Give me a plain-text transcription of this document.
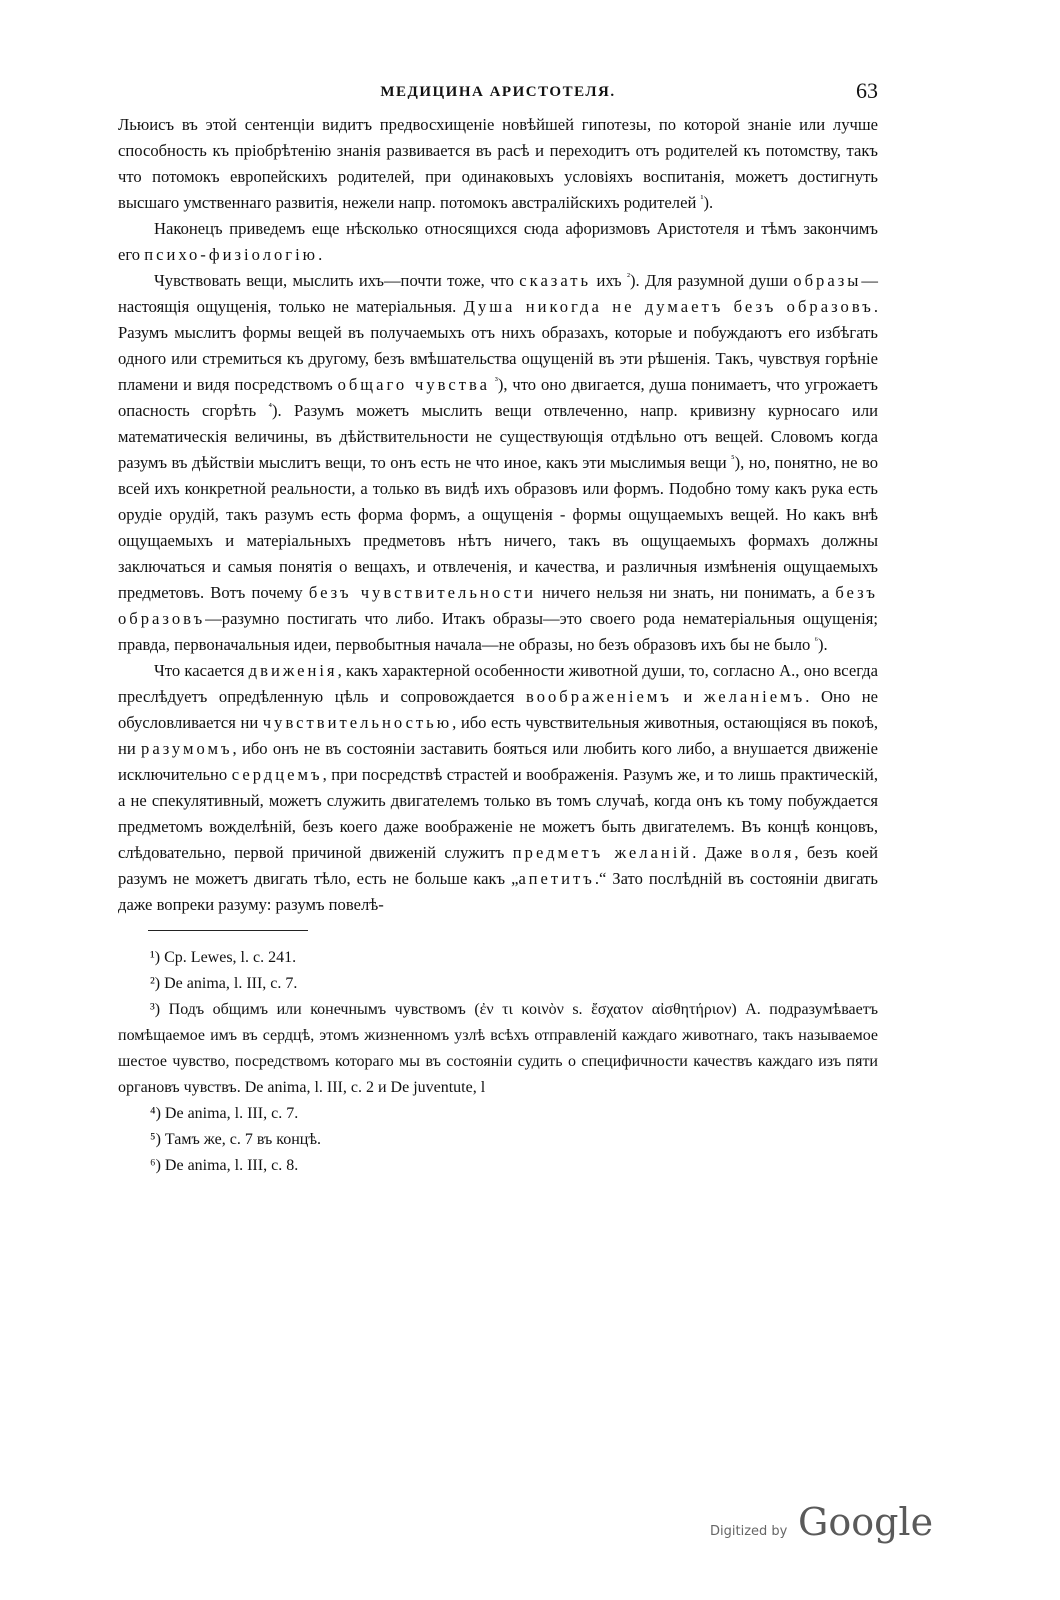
МЕДИЦИНА АРИСТОТЕЛЯ.	63

Льюисъ въ этой сентенціи видитъ предвосхищеніе новѣйшей гипотезы, по которой знаніе или лучше способность къ пріобрѣтенію знанія развивается въ расѣ и переходитъ отъ родителей къ потомству, такъ что потомокъ европейскихъ родителей, при одинаковыхъ условіяхъ воспитанія, можетъ достигнуть высшаго умственнаго развитія, нежели напр. потомокъ австралійскихъ родителей $^{^1}$).

Наконецъ приведемъ еще нѣсколько относящихся сюда афоризмовъ Аристотеля и тѣмъ закончимъ его психо-физіологію.

Чувствовать вещи, мыслить ихъ—почти тоже, что сказать ихъ $^{^2}$). Для разумной души образы—настоящія ощущенія, только не матеріальныя. Душа никогда не думаетъ безъ образовъ. Разумъ мыслитъ формы вещей въ получаемыхъ отъ нихъ образахъ, которые и побуждаютъ его избѣгать одного или стремиться къ другому, безъ вмѣшательства ощущеній въ эти рѣшенія. Такъ, чувствуя горѣніе пламени и видя посредствомъ общаго чувства $^{^3}$), что оно двигается, душа понимаетъ, что угрожаетъ опасность сгорѣть $^{^4}$). Разумъ можетъ мыслить вещи отвлеченно, напр. кривизну курносаго или математическія величины, въ дѣйствительности не существующія отдѣльно отъ вещей. Словомъ когда разумъ въ дѣйствіи мыслитъ вещи, то онъ есть не что иное, какъ эти мыслимыя вещи $^{^5}$), но, понятно, не во всей ихъ конкретной реальности, а только въ видѣ ихъ образовъ или формъ. Подобно тому какъ рука есть орудіе орудій, такъ разумъ есть форма формъ, а ощущенія - формы ощущаемыхъ вещей. Но какъ внѣ ощущаемыхъ и матеріальныхъ предметовъ нѣтъ ничего, такъ въ ощущаемыхъ формахъ должны заключаться и самыя понятія о вещахъ, и отвлеченія, и качества, и различныя измѣненія ощущаемыхъ предметовъ. Вотъ почему безъ чувствительности ничего нельзя ни знать, ни понимать, а безъ образовъ—разумно постигать что либо. Итакъ образы—это своего рода нематеріальныя ощущенія; правда, первоначальныя идеи, первобытныя начала—не образы, но безъ образовъ ихъ бы не было $^{^6}$).

Что касается движенія, какъ характерной особенности животной души, то, согласно А., оно всегда преслѣдуетъ опредѣленную цѣль и сопровождается воображеніемъ и желаніемъ. Оно не обусловливается ни чувствительностью, ибо есть чувствительныя животныя, остающіяся въ покоѣ, ни разумомъ, ибо онъ не въ состояніи заставить бояться или любить кого либо, а внушается движеніе исключительно сердцемъ, при посредствѣ страстей и воображенія. Разумъ же, и то лишь практическій, а не спекулятивный, можетъ служить двигателемъ только въ томъ случаѣ, когда онъ къ тому побуждается предметомъ вожделѣній, безъ коего даже воображеніе не можетъ быть двигателемъ. Въ концѣ концовъ, слѣдовательно, первой причиной движеній служитъ предметъ желаній. Даже воля, безъ коей разумъ не можетъ двигать тѣло, есть не больше какъ „апетитъ.“ Зато послѣдній въ состояніи двигать даже вопреки разуму: разумъ повелѣ-

¹) Cp. Lewes, l. c. 241.

²) De anima, l. III, c. 7.

³) Подъ общимъ или конечнымъ чувствомъ (ἐν τι κοινὸν s. ἔσχατον αἰσθητήριον) А. подразумѣваетъ помѣщаемое имъ въ сердцѣ, этомъ жизненномъ узлѣ всѣхъ отправленій каждаго животнаго, такъ называемое шестое чувство, посредствомъ котораго мы въ состояніи судить о специфичности качествъ каждаго изъ пяти органовъ чувствъ. De anima, l. III, c. 2 и De juventute, l

⁴) De anima, l. III, c. 7.

⁵) Тамъ же, c. 7 въ концѣ.

⁶) De anima, l. III, c. 8.

Digitized by Google
